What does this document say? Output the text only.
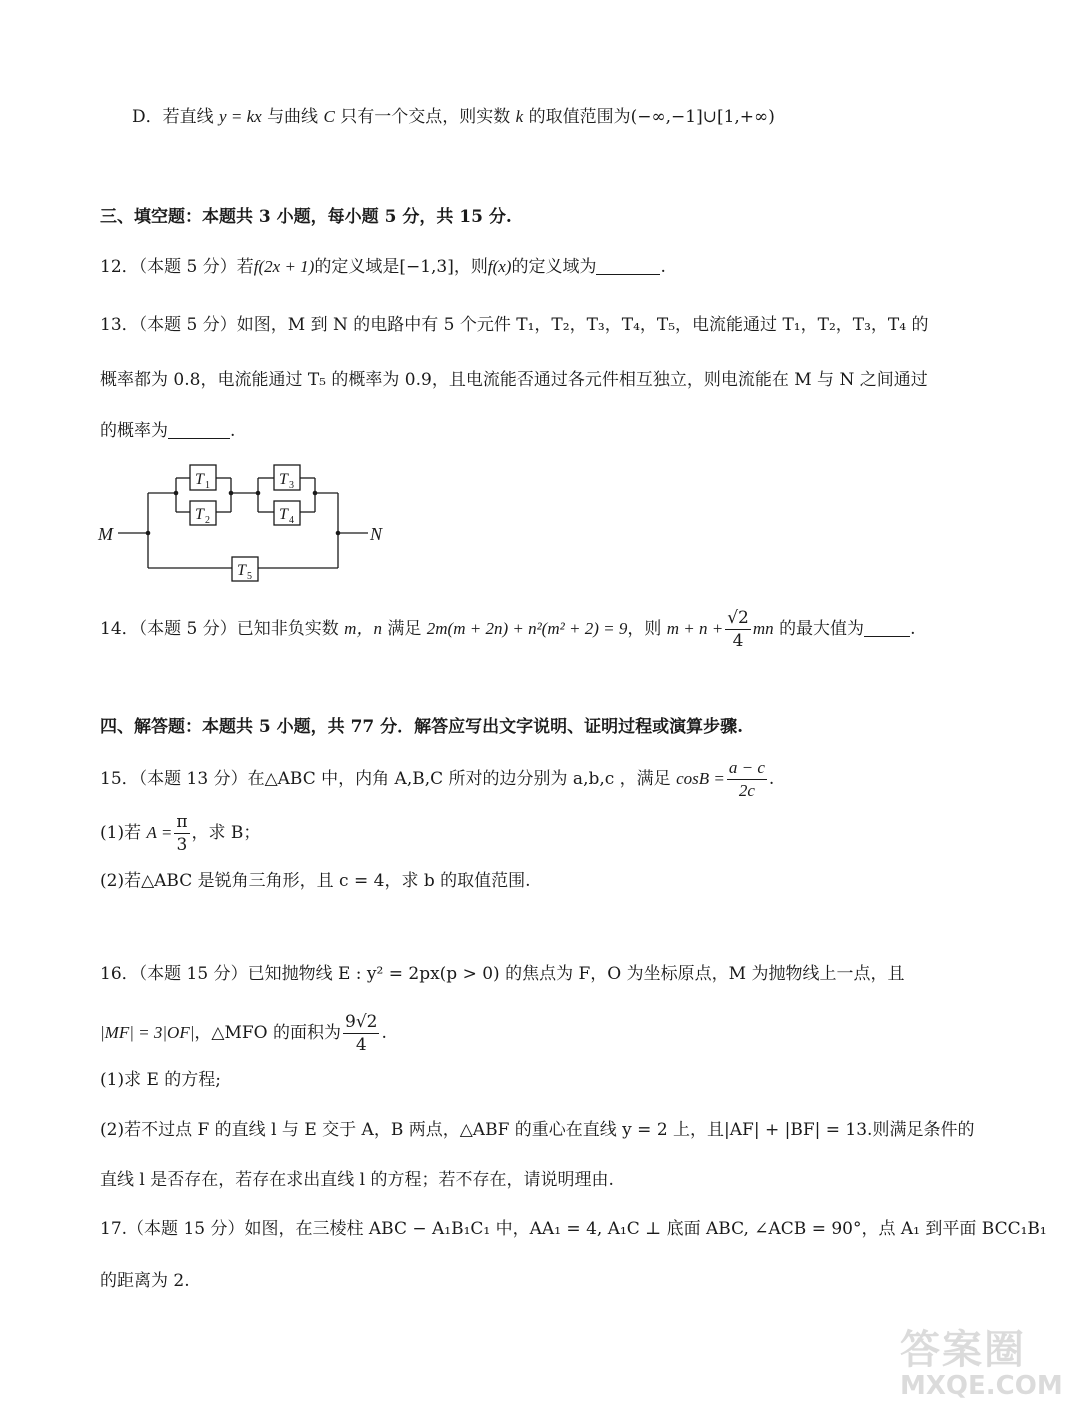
D．若直线 y = kx 与曲线 C 只有一个交点，则实数 k 的取值范围为(−∞,−1]∪[1,+∞)
三、填空题：本题共 3 小题，每小题 5 分，共 15 分.
12．（本题 5 分）若f(2x + 1)的定义域是[−1,3]，则f(x)的定义域为	.
13．（本题 5 分）如图，M 到 N 的电路中有 5 个元件 T₁，T₂，T₃，T₄，T₅，电流能通过 T₁，T₂，T₃，T₄ 的
概率都为 0.8，电流能通过 T₅ 的概率为 0.9，且电流能否通过各元件相互独立，则电流能在 M 与 N 之间通过
的概率为	.
M	N
T 1
T 2
T 3
T 4
T 5
14．（本题 5 分）已知非负实数 m，n 满足 2m(m + 2n) + n²(m² + 2) = 9，则 $m + n + \frac{√2}{4}$ mn 的最大值为	.
四、解答题：本题共 5 小题，共 77 分．解答应写出文字说明、证明过程或演算步骤.
15．（本题 13 分）在△ABC 中，内角 A,B,C 所对的边分别为 a,b,c ，满足 $\cos B = \frac{a - c}{2c}$ .
(1)若 $A = \frac{\pi}{3}$ ，求 B；
(2)若△ABC 是锐角三角形，且 c = 4，求 b 的取值范围.
16．（本题 15 分）已知抛物线 E : y² = 2px(p > 0) 的焦点为 F，O 为坐标原点，M 为抛物线上一点，且
|MF| = 3|OF|，△MFO 的面积为 $\frac{9√2}{4}$ .
(1)求 E 的方程;
(2)若不过点 F 的直线 l 与 E 交于 A，B 两点，△ABF 的重心在直线 y = 2 上，且|AF| + |BF| = 13.则满足条件的
直线 l 是否存在，若存在求出直线 l 的方程；若不存在，请说明理由.
17.（本题 15 分）如图，在三棱柱 ABC − A₁B₁C₁ 中，AA₁ = 4, A₁C ⊥ 底面 ABC, ∠ACB = 90°，点 A₁ 到平面 BCC₁B₁
的距离为 2.
答案圈
MXQE.COM
